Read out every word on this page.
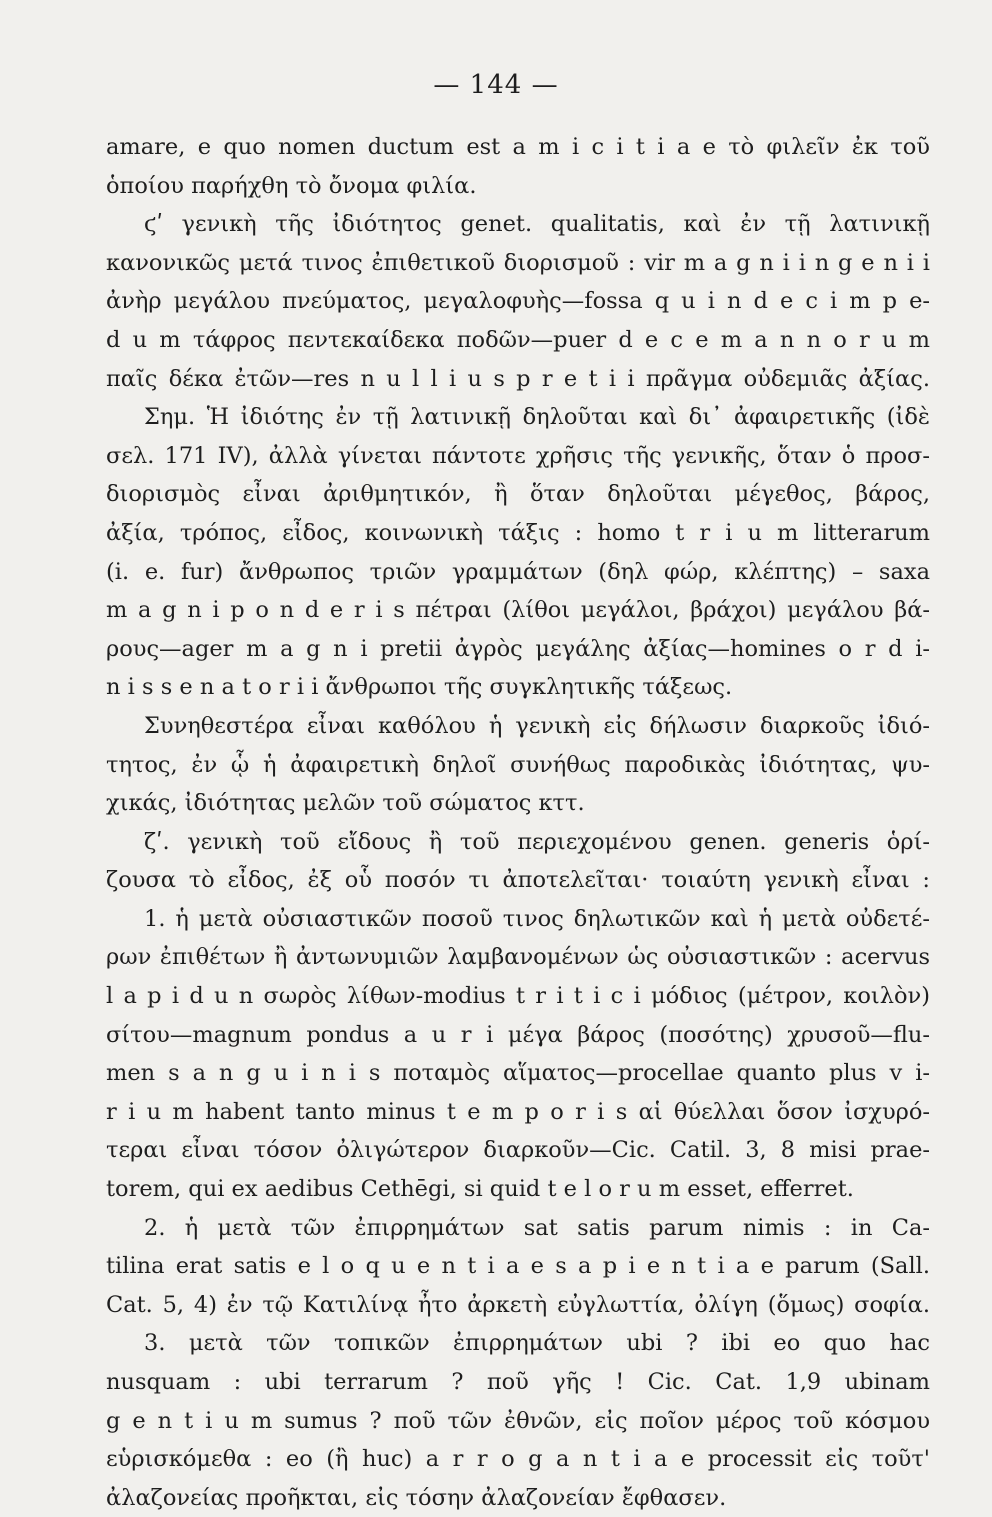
— 144 —
amare, e quo nomen ductum est a m i c i t i a e τὸ φιλεῖν ἐκ τοῦ
ὁποίου παρήχθη τὸ ὄνομα φιλία.
ϛʹ γενικὴ τῆς ἰδιότητος genet. qualitatis, καὶ ἐν τῇ λατινικῇ
κανονικῶς μετά τινος ἐπιθετικοῦ διορισμοῦ : vir m a g n i i n g e n i i
ἀνὴρ μεγάλου πνεύματος, μεγαλοφυὴς—fossa q u i n d e c i m p e-
d u m τάφρος πεντεκαίδεκα ποδῶν—puer d e c e m a n n o r u m
παῖς δέκα ἐτῶν—res n u l l i u s p r e t i i πρᾶγμα οὐδεμιᾶς ἀξίας.
Σημ. Ἡ ἰδιότης ἐν τῇ λατινικῇ δηλοῦται καὶ δι᾽ ἀφαιρετικῆς (ἰδὲ
σελ. 171 IV), ἀλλὰ γίνεται πάντοτε χρῆσις τῆς γενικῆς, ὅταν ὁ προσ-
διορισμὸς εἶναι ἀριθμητικόν, ἢ ὅταν δηλοῦται μέγεθος, βάρος,
ἀξία, τρόπος, εἶδος, κοινωνικὴ τάξις : homo t r i u m litterarum
(i. e. fur) ἄνθρωπος τριῶν γραμμάτων (δηλ φώρ, κλέπτης) – saxa
m a g n i p o n d e r i s πέτραι (λίθοι μεγάλοι, βράχοι) μεγάλου βά-
ρους—ager m a g n i pretii ἀγρὸς μεγάλης ἀξίας—homines o r d i-
n i s s e n a t o r i i ἄνθρωποι τῆς συγκλητικῆς τάξεως.
Συνηθεστέρα εἶναι καθόλου ἡ γενικὴ εἰς δήλωσιν διαρκοῦς ἰδιό-
τητος, ἐν ᾧ ἡ ἀφαιρετικὴ δηλοῖ συνήθως παροδικὰς ἰδιότητας, ψυ-
χικάς, ἰδιότητας μελῶν τοῦ σώματος κττ.
ζʹ. γενικὴ τοῦ εἴδους ἢ τοῦ περιεχομένου genen. generis ὁρί-
ζουσα τὸ εἶδος, ἐξ οὗ ποσόν τι ἀποτελεῖται· τοιαύτη γενικὴ εἶναι :
1. ἡ μετὰ οὐσιαστικῶν ποσοῦ τινος δηλωτικῶν καὶ ἡ μετὰ οὐδετέ-
ρων ἐπιθέτων ἢ ἀντωνυμιῶν λαμβανομένων ὡς οὐσιαστικῶν : acervus
l a p i d u n σωρὸς λίθων-modius t r i t i c i μόδιος (μέτρον, κοιλὸν)
σίτου—magnum pondus a u r i μέγα βάρος (ποσότης) χρυσοῦ—flu-
men s a n g u i n i s ποταμὸς αἵματος—procellae quanto plus v i-
r i u m habent tanto minus t e m p o r i s αἱ θύελλαι ὅσον ἰσχυρό-
τεραι εἶναι τόσον ὀλιγώτερον διαρκοῦν—Cic. Catil. 3, 8 misi prae-
torem, qui ex aedibus Cethēgi, si quid t e l o r u m esset, efferret.
2. ἡ μετὰ τῶν ἐπιρρημάτων sat satis parum nimis : in Ca-
tilina erat satis e l o q u e n t i a e s a p i e n t i a e parum (Sall.
Cat. 5, 4) ἐν τῷ Κατιλίνᾳ ἦτο ἀρκετὴ εὐγλωττία, ὀλίγη (ὅμως) σοφία.
3. μετὰ τῶν τοπικῶν ἐπιρρημάτων ubi ? ibi eo quo hac
nusquam : ubi terrarum ? ποῦ γῆς ! Cic. Cat. 1,9 ubinam
g e n t i u m sumus ? ποῦ τῶν ἐθνῶν, εἰς ποῖον μέρος τοῦ κόσμου
εὑρισκόμεθα : eo (ἢ huc) a r r o g a n t i a e processit εἰς τοῦτ'
ἀλαζονείας προῆκται, εἰς τόσην ἀλαζονείαν ἔφθασεν.
